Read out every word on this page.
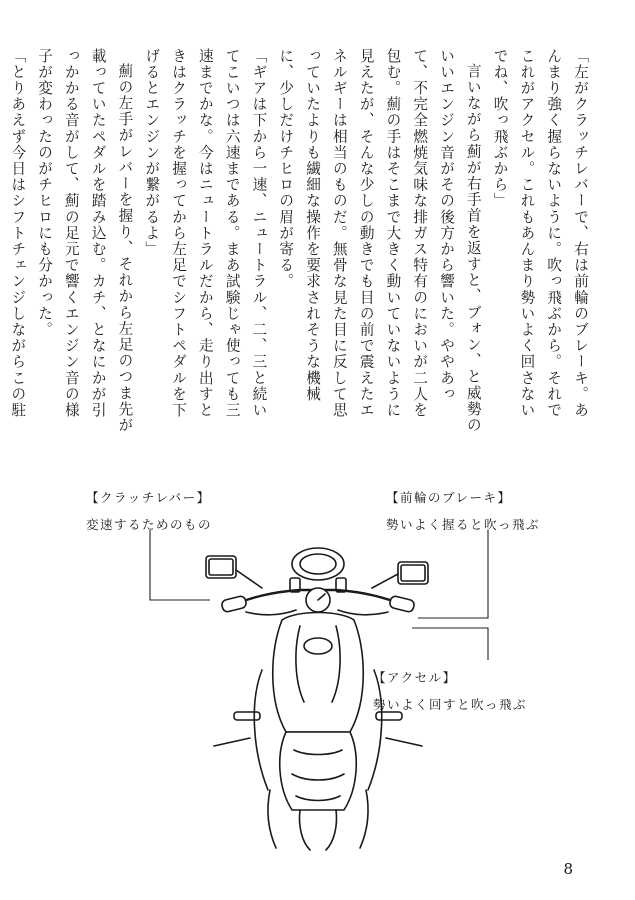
「左がクラッチレバーで、右は前輪のブレーキ。あんまり強く握らないように。吹っ飛ぶから。それでこれがアクセル。これもあんまり勢いよく回さないでね、吹っ飛ぶから」

言いながら薊が右手首を返すと、ブォン、と威勢のいいエンジン音がその後方から響いた。ややあって、不完全燃焼気味な排ガス特有のにおいが二人を包む。薊の手はそこまで大きく動いていないように見えたが、そんな少しの動きでも目の前で震えたエネルギーは相当のものだ。無骨な見た目に反して思っていたよりも繊細な操作を要求されそうな機械に、少しだけチヒロの眉が寄る。

「ギアは下から一速、ニュートラル、二、三と続いてこいつは六速まである。まあ試験じゃ使っても三速までかな。今はニュートラルだから、走り出すときはクラッチを握ってから左足でシフトペダルを下げるとエンジンが繋がるよ」

薊の左手がレバーを握り、それから左足のつま先が載っていたペダルを踏み込む。カチ、となにかが引っかかる音がして、薊の足元で響くエンジン音の様子が変わったのがチヒロにも分かった。

「とりあえず今日はシフトチェンジしながらこの駐

【クラッチレバー】
変速するためのもの
【前輪のブレーキ】
勢いよく握ると吹っ飛ぶ
【アクセル】
勢いよく回すと吹っ飛ぶ
8
